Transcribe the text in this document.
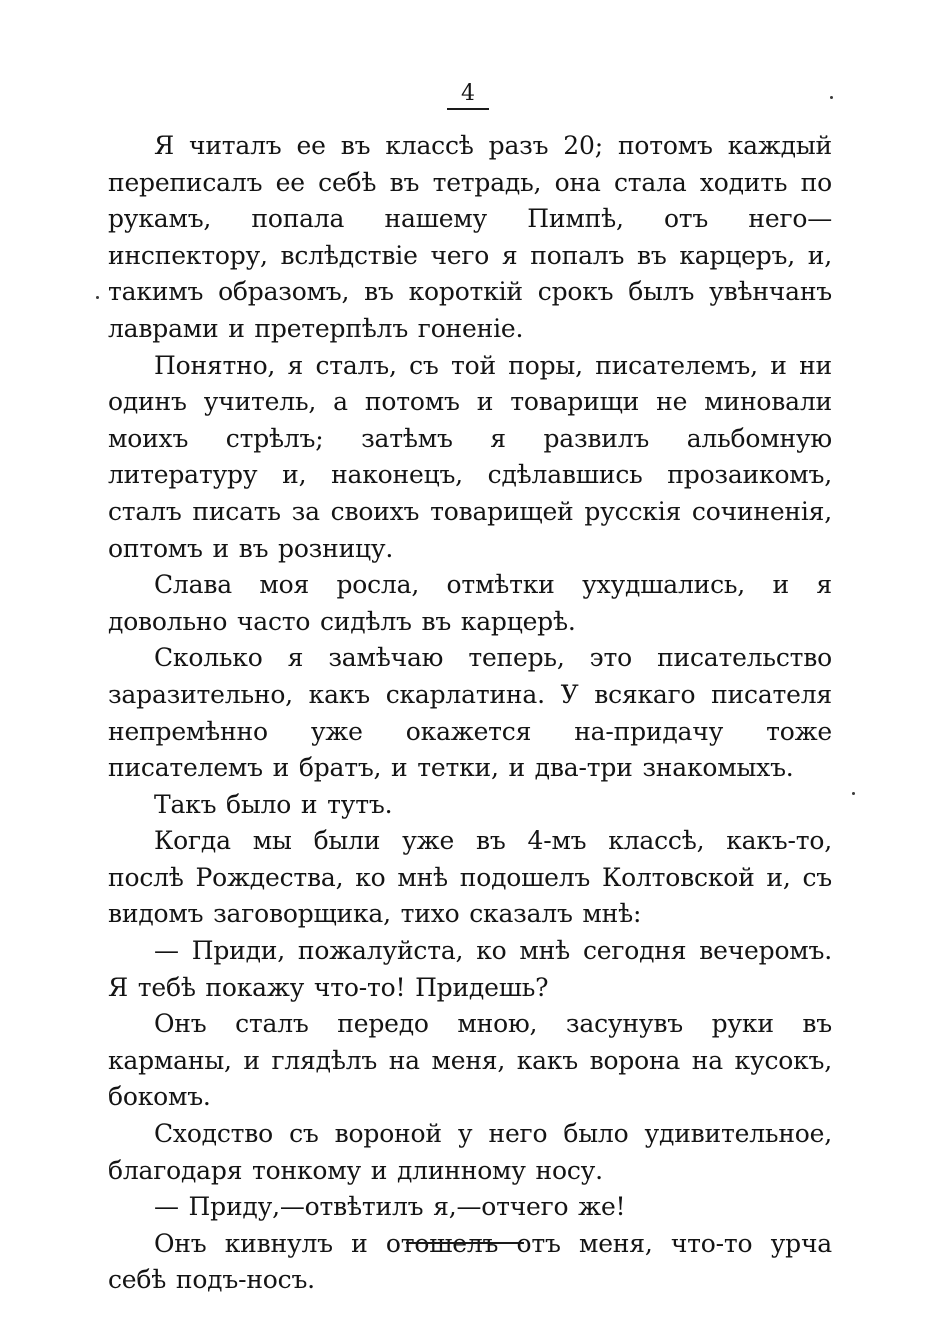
4

Я читалъ ее въ классѣ разъ 20; потомъ каждый переписалъ ее себѣ въ тетрадь, она стала ходить по рукамъ, попала нашему Пимпѣ, отъ него—инспектору, вслѣдствіе чего я попалъ въ карцеръ, и, такимъ образомъ, въ короткій срокъ былъ увѣнчанъ лаврами и претерпѣлъ гоненіе.

Понятно, я сталъ, съ той поры, писателемъ, и ни одинъ учитель, а потомъ и товарищи не миновали моихъ стрѣлъ; затѣмъ я развилъ альбомную литературу и, наконецъ, сдѣлавшись прозаикомъ, сталъ писать за своихъ товарищей русскія сочиненія, оптомъ и въ розницу.

Слава моя росла, отмѣтки ухудшались, и я довольно часто сидѣлъ въ карцерѣ.

Сколько я замѣчаю теперь, это писательство заразительно, какъ скарлатина. У всякаго писателя непремѣнно уже окажется на-придачу тоже писателемъ и братъ, и тетки, и два-три знакомыхъ.

Такъ было и тутъ.

Когда мы были уже въ 4-мъ классѣ, какъ-то, послѣ Рождества, ко мнѣ подошелъ Колтовской и, съ видомъ заговорщика, тихо сказалъ мнѣ:

— Приди, пожалуйста, ко мнѣ сегодня вечеромъ. Я тебѣ покажу что-то! Придешь?

Онъ сталъ передо мною, засунувъ руки въ карманы, и глядѣлъ на меня, какъ ворона на кусокъ, бокомъ.

Сходство съ вороной у него было удивительное, благодаря тонкому и длинному носу.

— Приду,—отвѣтилъ я,—отчего же!

Онъ кивнулъ и отошелъ отъ меня, что-то урча себѣ подъ-носъ.
